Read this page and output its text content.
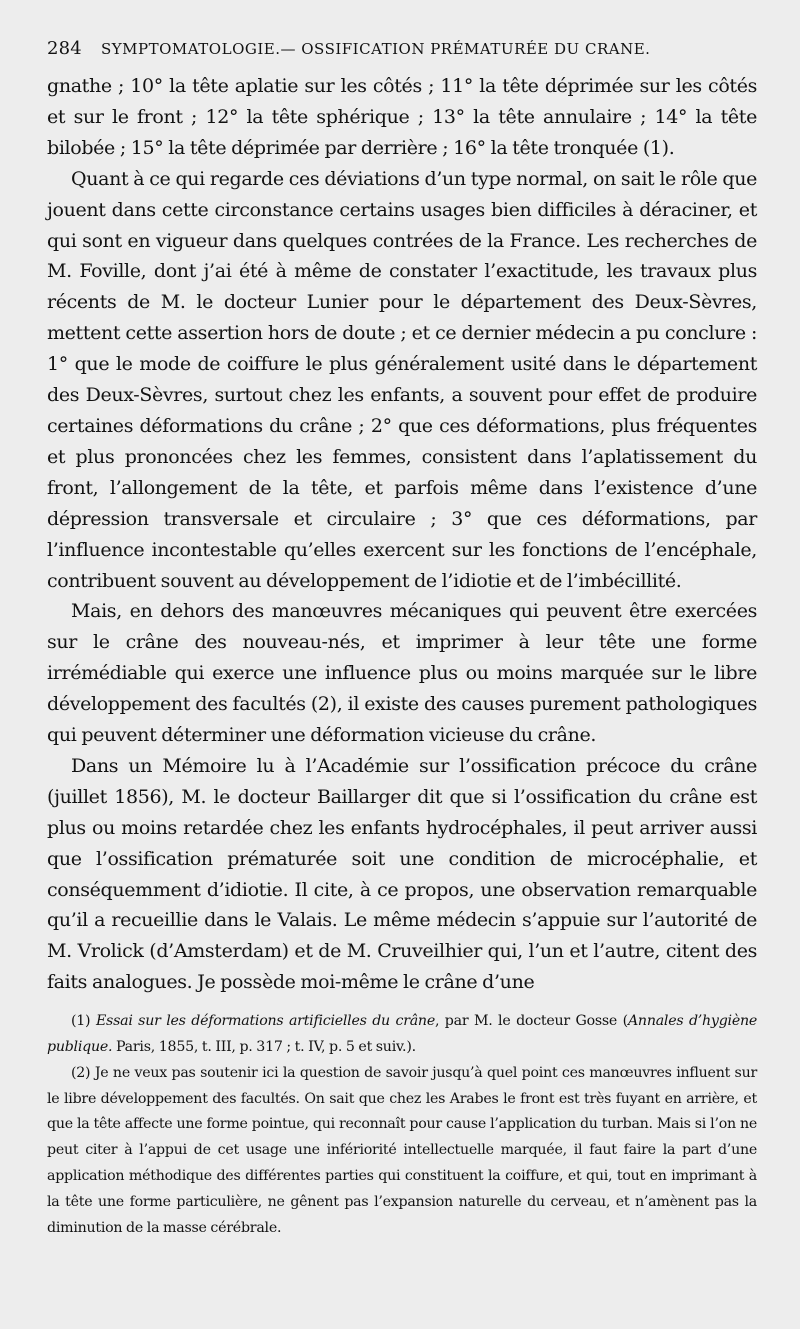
284 SYMPTOMATOLOGIE.— OSSIFICATION PRÉMATURÉE DU CRANE.

gnathe ; 10° la tête aplatie sur les côtés ; 11° la tête déprimée sur les côtés et sur le front ; 12° la tête sphérique ; 13° la tête annulaire ; 14° la tête bilobée ; 15° la tête déprimée par derrière ; 16° la tête tronquée (1).

Quant à ce qui regarde ces déviations d’un type normal, on sait le rôle que jouent dans cette circonstance certains usages bien difficiles à déraciner, et qui sont en vigueur dans quelques contrées de la France. Les recherches de M. Foville, dont j’ai été à même de constater l’exactitude, les travaux plus récents de M. le docteur Lunier pour le département des Deux-Sèvres, mettent cette assertion hors de doute ; et ce dernier médecin a pu conclure : 1° que le mode de coiffure le plus généralement usité dans le département des Deux-Sèvres, surtout chez les enfants, a souvent pour effet de produire certaines déformations du crâne ; 2° que ces déformations, plus fréquentes et plus prononcées chez les femmes, consistent dans l’aplatissement du front, l’allongement de la tête, et parfois même dans l’existence d’une dépression transversale et circulaire ; 3° que ces déformations, par l’influence incontestable qu’elles exercent sur les fonctions de l’encéphale, contribuent souvent au développement de l’idiotie et de l’imbécillité.

Mais, en dehors des manœuvres mécaniques qui peuvent être exercées sur le crâne des nouveau-nés, et imprimer à leur tête une forme irrémédiable qui exerce une influence plus ou moins marquée sur le libre développement des facultés (2), il existe des causes purement pathologiques qui peuvent déterminer une déformation vicieuse du crâne.

Dans un Mémoire lu à l’Académie sur l’ossification précoce du crâne (juillet 1856), M. le docteur Baillarger dit que si l’ossification du crâne est plus ou moins retardée chez les enfants hydrocéphales, il peut arriver aussi que l’ossification prématurée soit une condition de microcéphalie, et conséquemment d’idiotie. Il cite, à ce propos, une observation remarquable qu’il a recueillie dans le Valais. Le même médecin s’appuie sur l’autorité de M. Vrolick (d’Amsterdam) et de M. Cruveilhier qui, l’un et l’autre, citent des faits analogues. Je possède moi-même le crâne d’une

(1) Essai sur les déformations artificielles du crâne, par M. le docteur Gosse (Annales d’hygiène publique. Paris, 1855, t. III, p. 317 ; t. IV, p. 5 et suiv.).

(2) Je ne veux pas soutenir ici la question de savoir jusqu’à quel point ces manœuvres influent sur le libre développement des facultés. On sait que chez les Arabes le front est très fuyant en arrière, et que la tête affecte une forme pointue, qui reconnaît pour cause l’application du turban. Mais si l’on ne peut citer à l’appui de cet usage une infériorité intellectuelle marquée, il faut faire la part d’une application méthodique des différentes parties qui constituent la coiffure, et qui, tout en imprimant à la tête une forme particulière, ne gênent pas l’expansion naturelle du cerveau, et n’amènent pas la diminution de la masse cérébrale.
